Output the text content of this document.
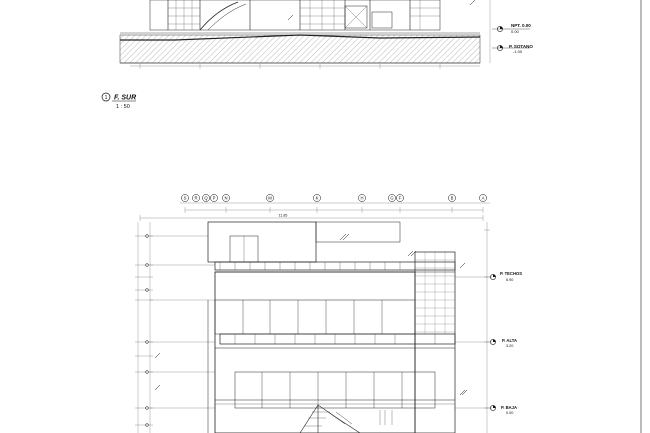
NPT. 0.00
0.00
P. SOTANO
-1.00
1 F. SUR
1 : 50
S R Q P N	M	K	H	G F	B	A
11.85
P. TECHOS
6.90
P. ALTA
3.20
P. BAJA
0.00
